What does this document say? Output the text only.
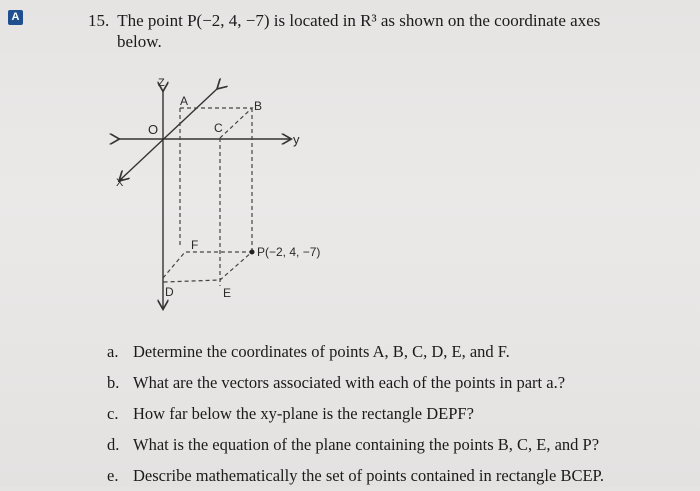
A	15. The point P(−2, 4, −7) is located in R³ as shown on the coordinate axes
below.
Z
y
X
O
A	B
C
D	E
F	P(−2, 4, −7)
a. Determine the coordinates of points A, B, C, D, E, and F.
b. What are the vectors associated with each of the points in part a.?
c. How far below the xy-plane is the rectangle DEPF?
d. What is the equation of the plane containing the points B, C, E, and P?
e. Describe mathematically the set of points contained in rectangle BCEP.
